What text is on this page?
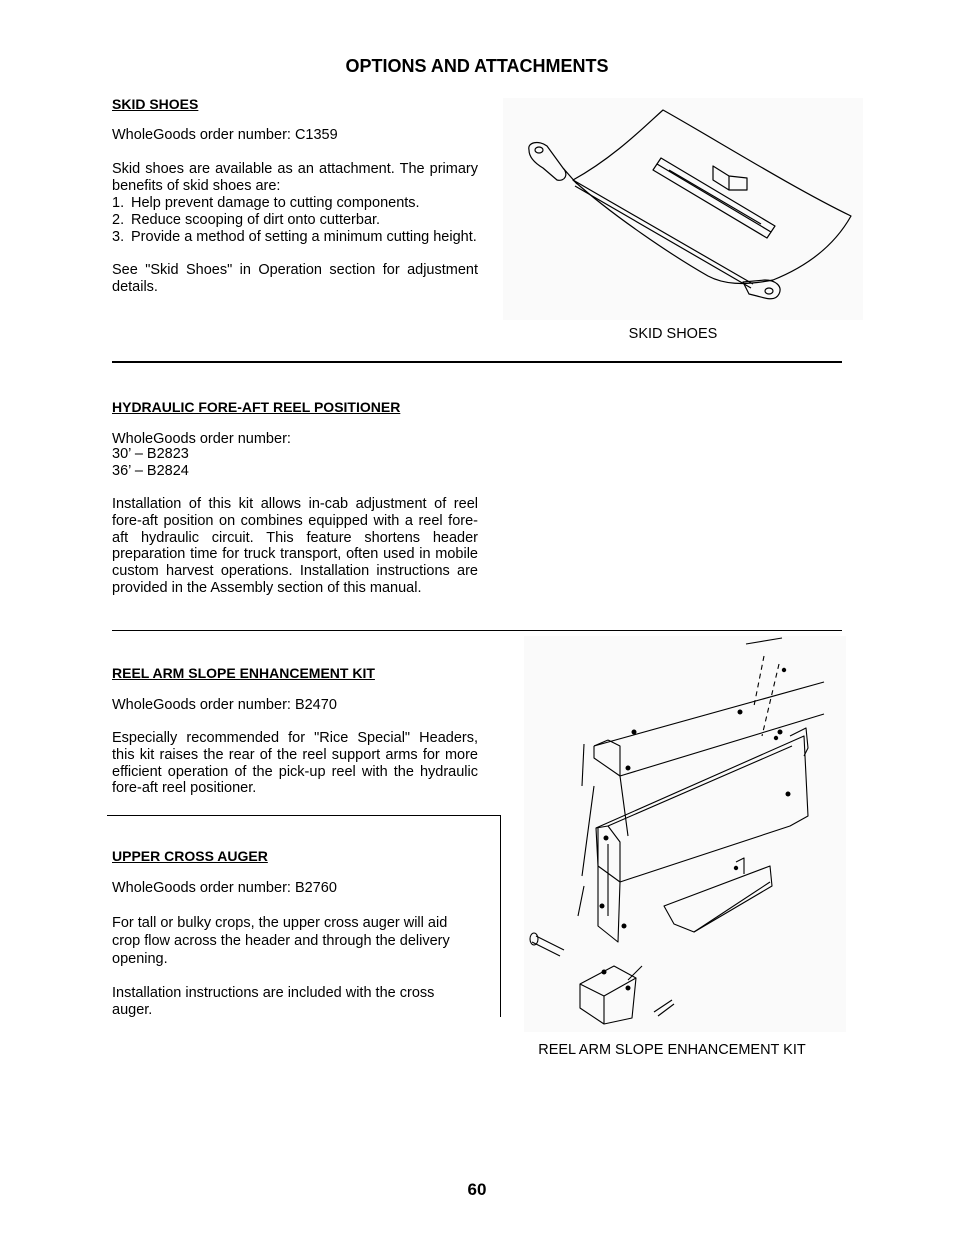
OPTIONS AND ATTACHMENTS
SKID SHOES
WholeGoods order number: C1359
Skid shoes are available as an attachment. The primary benefits of skid shoes are:
1. Help prevent damage to cutting components.
2. Reduce scooping of dirt onto cutterbar.
3. Provide a method of setting a minimum cutting height.
See "Skid Shoes" in Operation section for adjustment details.
SKID SHOES
HYDRAULIC FORE-AFT REEL POSITIONER
WholeGoods order number:
30’ – B2823
36’ – B2824
Installation of this kit allows in-cab adjustment of reel fore-aft position on combines equipped with a reel fore-aft hydraulic circuit. This feature shortens header preparation time for truck transport, often used in mobile custom harvest operations. Installation instructions are provided in the Assembly section of this manual.
REEL ARM SLOPE ENHANCEMENT KIT
WholeGoods order number: B2470
Especially recommended for "Rice Special" Headers, this kit raises the rear of the reel support arms for more efficient operation of the pick-up reel with the hydraulic fore-aft reel positioner.
UPPER CROSS AUGER
WholeGoods order number: B2760
For tall or bulky crops, the upper cross auger will aid crop flow across the header and through the delivery opening.
Installation instructions are included with the cross auger.
REEL ARM SLOPE ENHANCEMENT KIT
60
